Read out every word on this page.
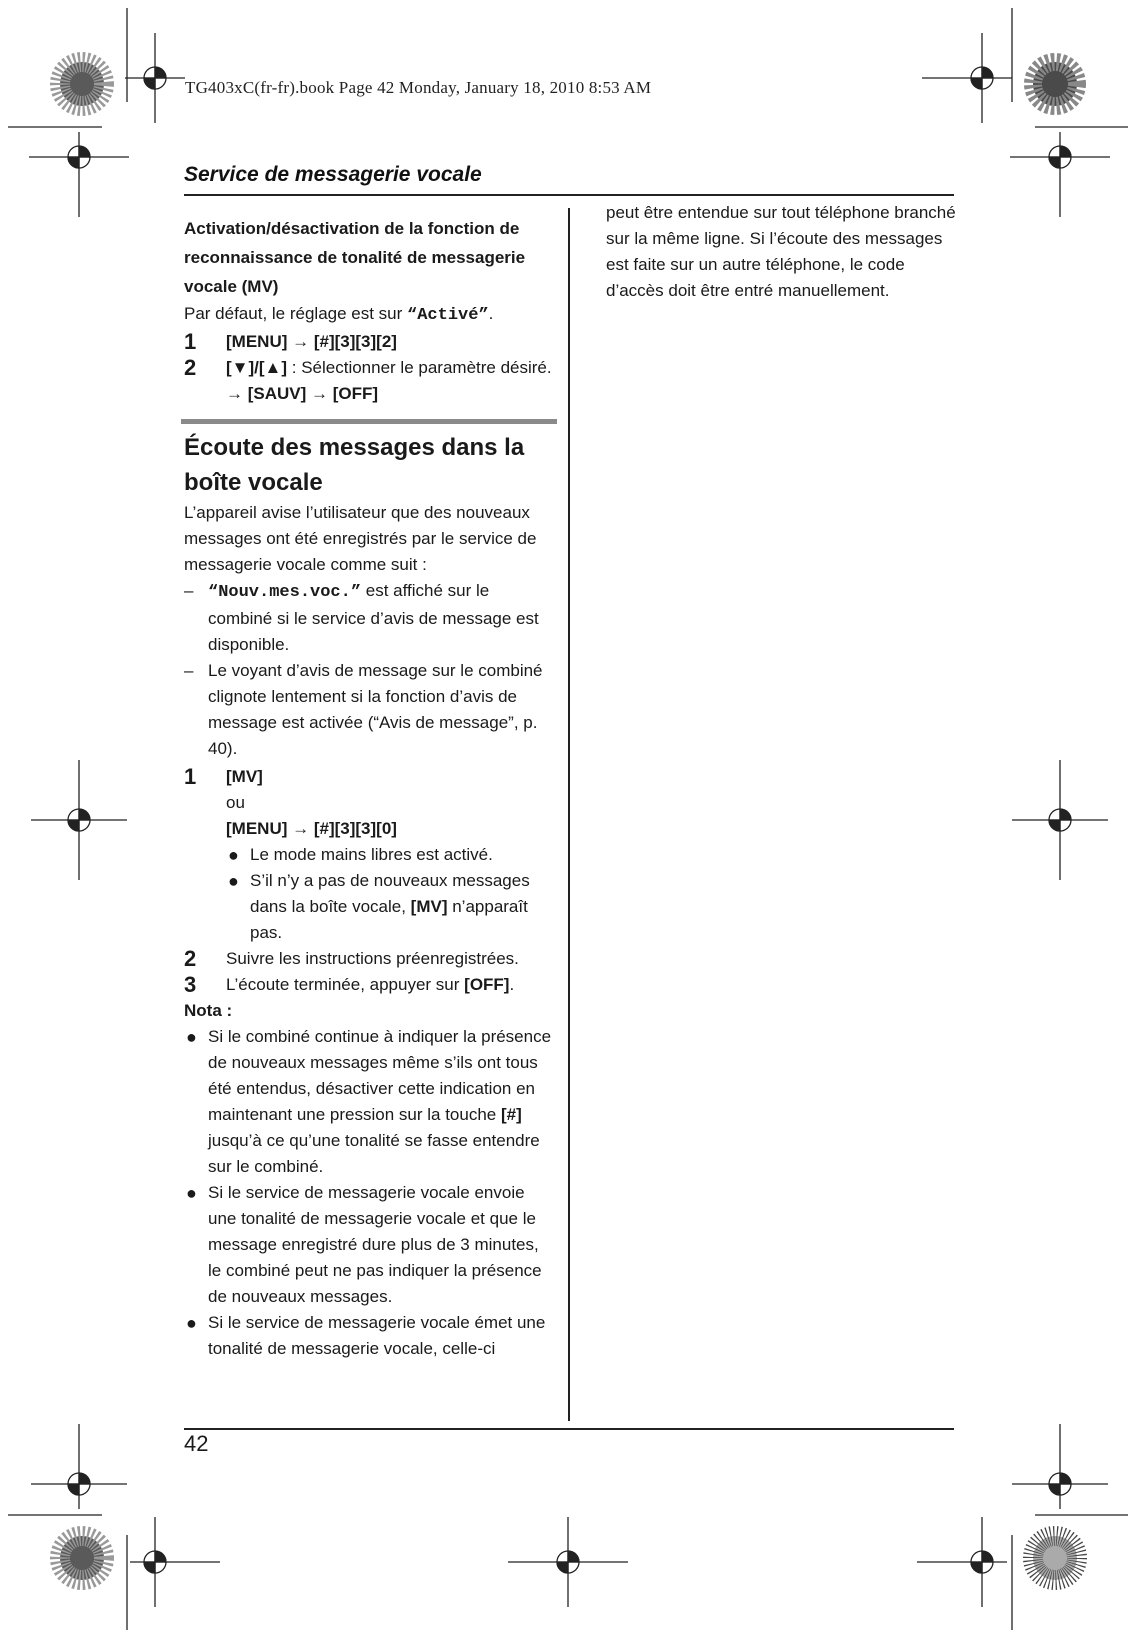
TG403xC(fr-fr).book Page 42 Monday, January 18, 2010 8:53 AM
Service de messagerie vocale

Activation/désactivation de la fonction de reconnaissance de tonalité de messagerie vocale (MV)

Par défaut, le réglage est sur “Activé”.

1 [MENU] → [#][3][3][2]
2 [▼]/[▲] : Sélectionner le paramètre désiré. → [SAUV] → [OFF]

Écoute des messages dans la boîte vocale

L’appareil avise l’utilisateur que des nouveaux messages ont été enregistrés par le service de messagerie vocale comme suit :

– “Nouv.mes.voc.” est affiché sur le combiné si le service d’avis de message est disponible.
– Le voyant d’avis de message sur le combiné clignote lentement si la fonction d’avis de message est activée (“Avis de message”, p. 40).
1 [MV]

ou

[MENU] → [#][3][3][0]

● Le mode mains libres est activé.
● S’il n’y a pas de nouveaux messages dans la boîte vocale, [MV] n’apparaît pas.
2 Suivre les instructions préenregistrées.
3 L’écoute terminée, appuyer sur [OFF].

Nota :

● Si le combiné continue à indiquer la présence de nouveaux messages même s’ils ont tous été entendus, désactiver cette indication en maintenant une pression sur la touche [#] jusqu’à ce qu’une tonalité se fasse entendre sur le combiné.
● Si le service de messagerie vocale envoie une tonalité de messagerie vocale et que le message enregistré dure plus de 3 minutes, le combiné peut ne pas indiquer la présence de nouveaux messages.
● Si le service de messagerie vocale émet une tonalité de messagerie vocale, celle-ci

peut être entendue sur tout téléphone branché sur la même ligne. Si l’écoute des messages est faite sur un autre téléphone, le code d’accès doit être entré manuellement.

42
